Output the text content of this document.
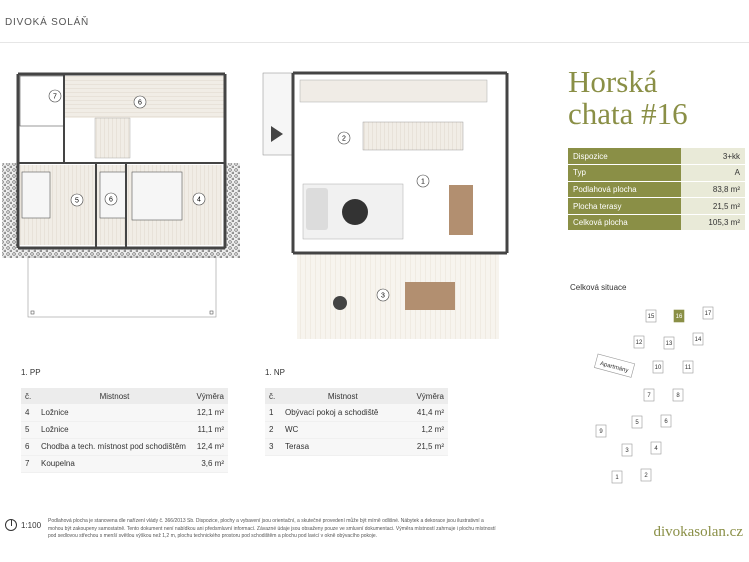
DIVOKÁ SOLÁŇ
5	6	4
6
7
1
2
3
Horská
chata #16
Dispozice	3+kk
Typ	A
Podlahová plocha	83,8 m²
Plocha terasy	21,5 m²
Celková plocha	105,3 m²
Celková situace
15	16	17
12	13
14
Apartmány	10	11
7	8
5	6
9
3	4
1	2
1. PP
č.	Mistnost	Výměra
4	Ložnice	12,1 m²
5	Ložnice	11,1 m²
6	Chodba a tech. místnost pod schodištěm	12,4 m²
7	Koupelna	3,6 m²
1. NP
č.	Mistnost	Výměra
1	Obývací pokoj a schodiště	41,4 m²
2	WC	1,2 m²
3	Terasa	21,5 m²
1:100 Podlahová plocha je stanovena dle nařízení vlády č. 366/2013 Sb. Dispozice, plochy a vybavení jsou orientační, a skutečné provedení může být mírně odlišné. Nábytek a dekorace jsou ilustrativní a mohou být zakoupeny samostatně. Tento dokument není nabídkou ani předsmluvní informací. Závazné údaje jsou obsaženy pouze ve smluvní dokumentaci. Výměra místností zahrnuje i plochu místností pod sedlovou střechou s menší světlou výškou než 1,2 m, plochu technického prostoru pod schodištěm a plochu pod lavicí v okně obývacího pokoje.	divokasolan.cz
